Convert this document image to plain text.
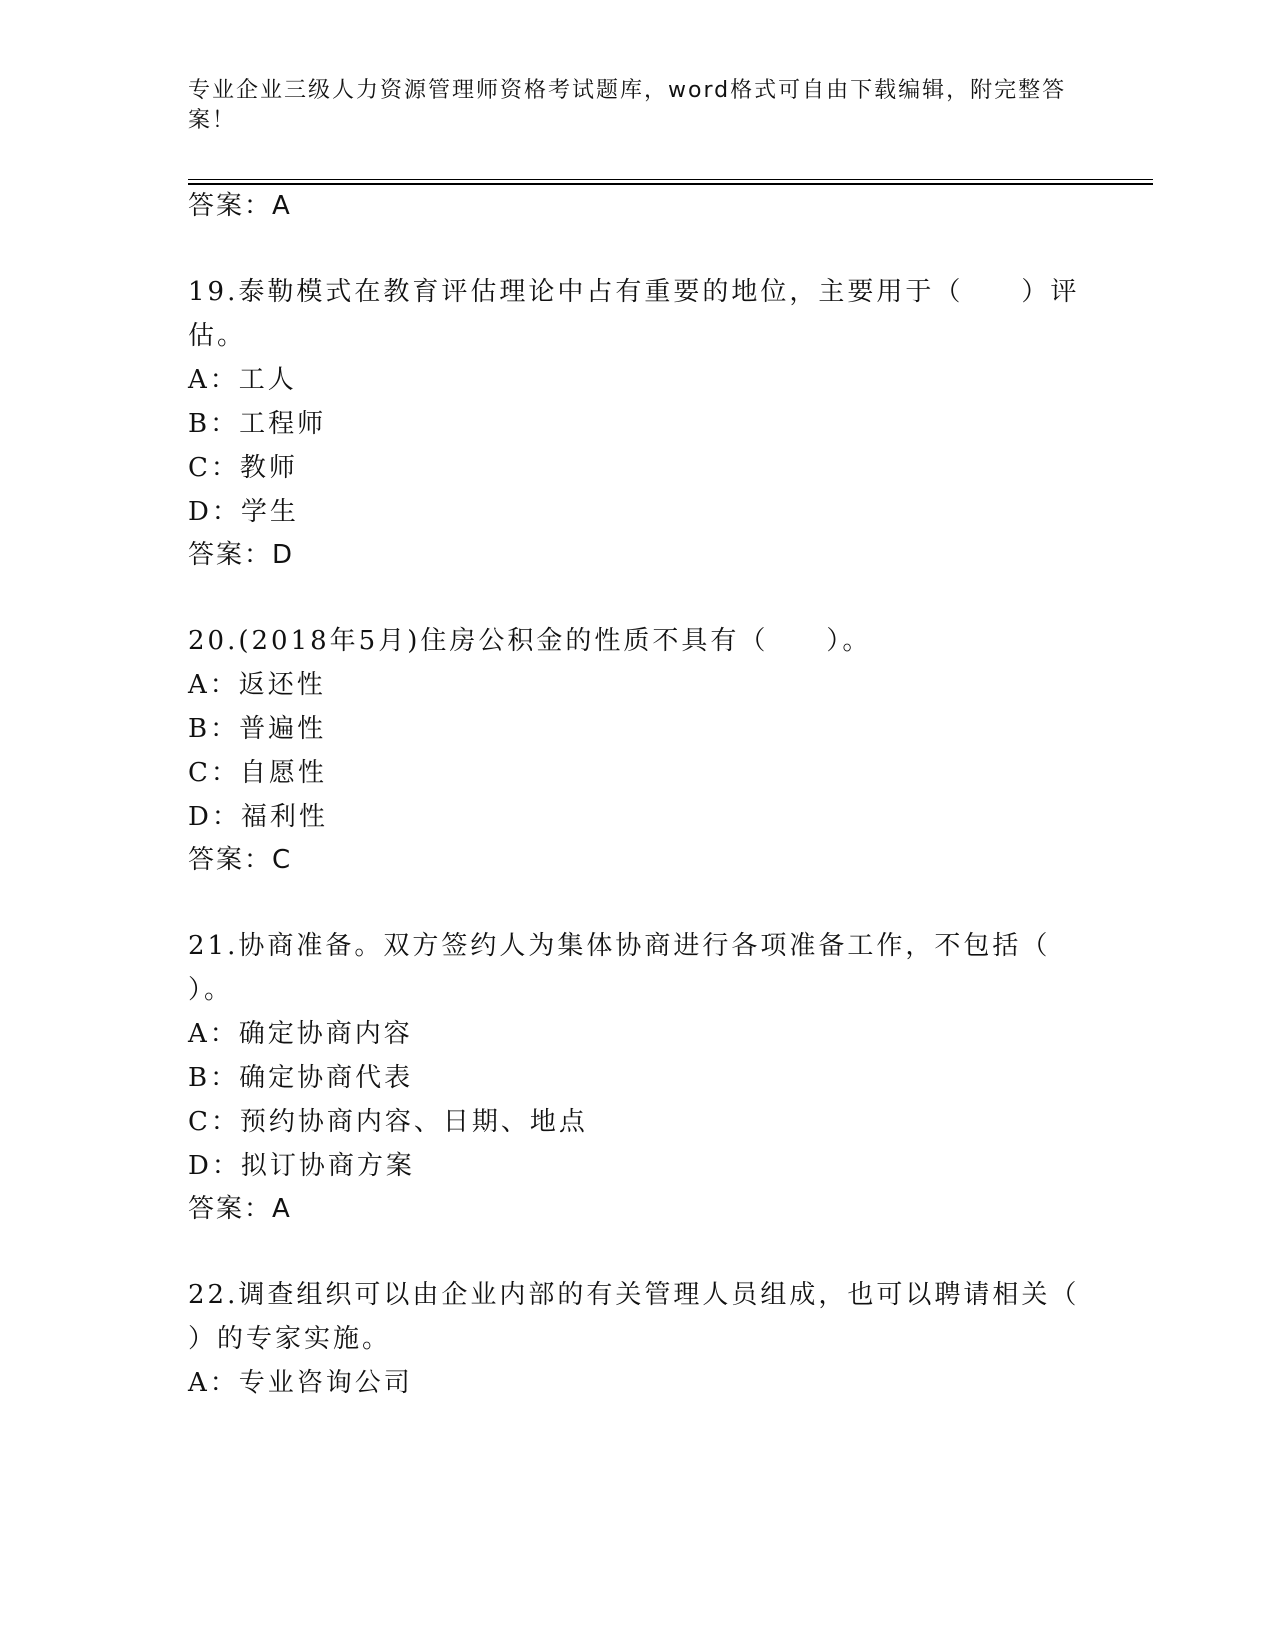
专业企业三级人力资源管理师资格考试题库，word格式可自由下载编辑，附完整答案！
答案：A
19.泰勒模式在教育评估理论中占有重要的地位，主要用于（　　）评
估。
A：工人
B：工程师
C：教师
D：学生
答案：D
20.(2018年5月)住房公积金的性质不具有（　　）。
A：返还性
B：普遍性
C：自愿性
D：福利性
答案：C
21.协商准备。双方签约人为集体协商进行各项准备工作，不包括（
）。
A：确定协商内容
B：确定协商代表
C：预约协商内容、日期、地点
D：拟订协商方案
答案：A
22.调查组织可以由企业内部的有关管理人员组成，也可以聘请相关（
）的专家实施。
A：专业咨询公司
